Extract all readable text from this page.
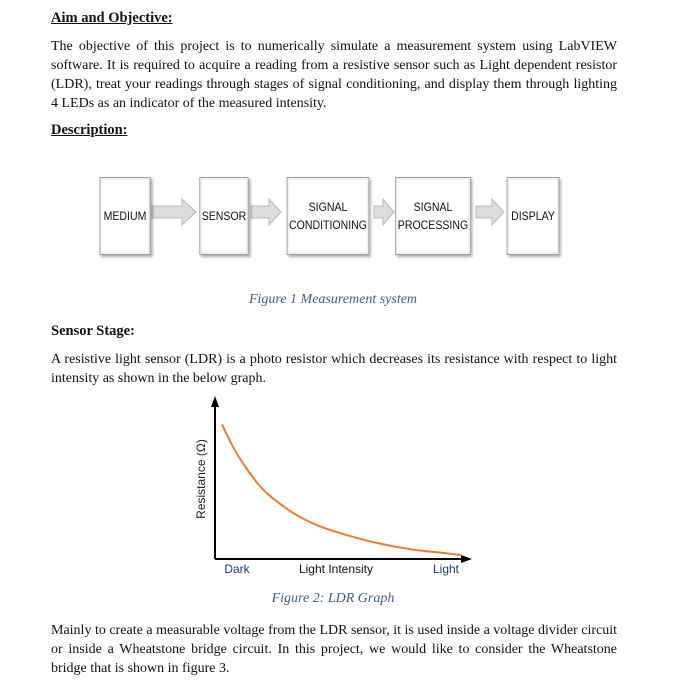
Aim and Objective:
The objective of this project is to numerically simulate a measurement system using LabVIEW software. It is required to acquire a reading from a resistive sensor such as Light dependent resistor (LDR), treat your readings through stages of signal conditioning, and display them through lighting 4 LEDs as an indicator of the measured intensity.
Description:
MEDIUM	SENSOR
SIGNAL
CONDITIONING
SIGNAL
PROCESSING
DISPLAY
Figure 1 Measurement system
Sensor Stage:
A resistive light sensor (LDR) is a photo resistor which decreases its resistance with respect to light intensity as shown in the below graph.
Resistance (Ω)
Dark	Light Intensity	Light
Figure 2: LDR Graph
Mainly to create a measurable voltage from the LDR sensor, it is used inside a voltage divider circuit or inside a Wheatstone bridge circuit. In this project, we would like to consider the Wheatstone bridge that is shown in figure 3.
